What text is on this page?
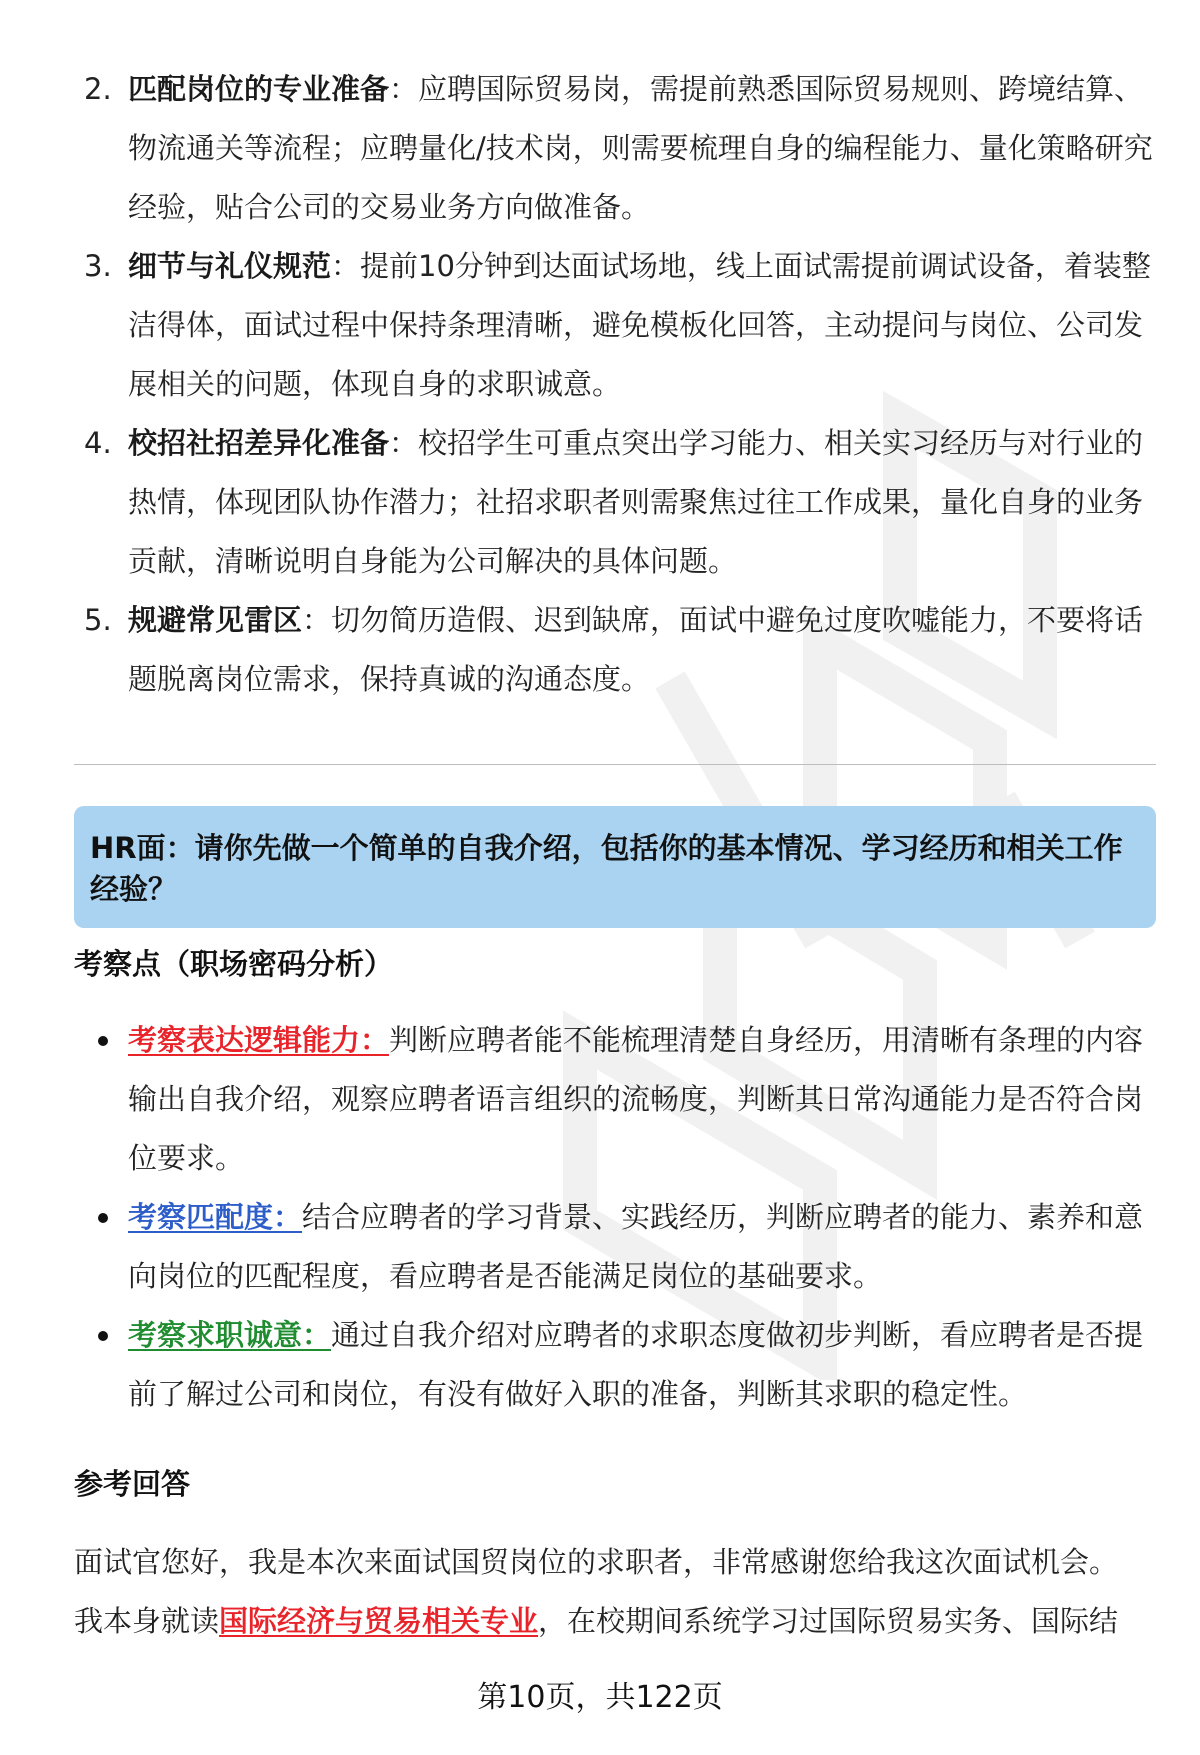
2. 匹配岗位的专业准备：应聘国际贸易岗，需提前熟悉国际贸易规则、跨境结算、物流通关等流程；应聘量化/技术岗，则需要梳理自身的编程能力、量化策略研究经验，贴合公司的交易业务方向做准备。
3. 细节与礼仪规范：提前10分钟到达面试场地，线上面试需提前调试设备，着装整洁得体，面试过程中保持条理清晰，避免模板化回答，主动提问与岗位、公司发展相关的问题，体现自身的求职诚意。
4. 校招社招差异化准备：校招学生可重点突出学习能力、相关实习经历与对行业的热情，体现团队协作潜力；社招求职者则需聚焦过往工作成果，量化自身的业务贡献，清晰说明自身能为公司解决的具体问题。
5. 规避常见雷区：切勿简历造假、迟到缺席，面试中避免过度吹嘘能力，不要将话题脱离岗位需求，保持真诚的沟通态度。
HR面：请你先做一个简单的自我介绍，包括你的基本情况、学习经历和相关工作经验？
考察点（职场密码分析）
考察表达逻辑能力：判断应聘者能不能梳理清楚自身经历，用清晰有条理的内容输出自我介绍，观察应聘者语言组织的流畅度，判断其日常沟通能力是否符合岗位要求。
考察匹配度：结合应聘者的学习背景、实践经历，判断应聘者的能力、素养和意向岗位的匹配程度，看应聘者是否能满足岗位的基础要求。
考察求职诚意：通过自我介绍对应聘者的求职态度做初步判断，看应聘者是否提前了解过公司和岗位，有没有做好入职的准备，判断其求职的稳定性。
参考回答

面试官您好，我是本次来面试国贸岗位的求职者，非常感谢您给我这次面试机会。
我本身就读国际经济与贸易相关专业，在校期间系统学习过国际贸易实务、国际结

第10页，共122页
